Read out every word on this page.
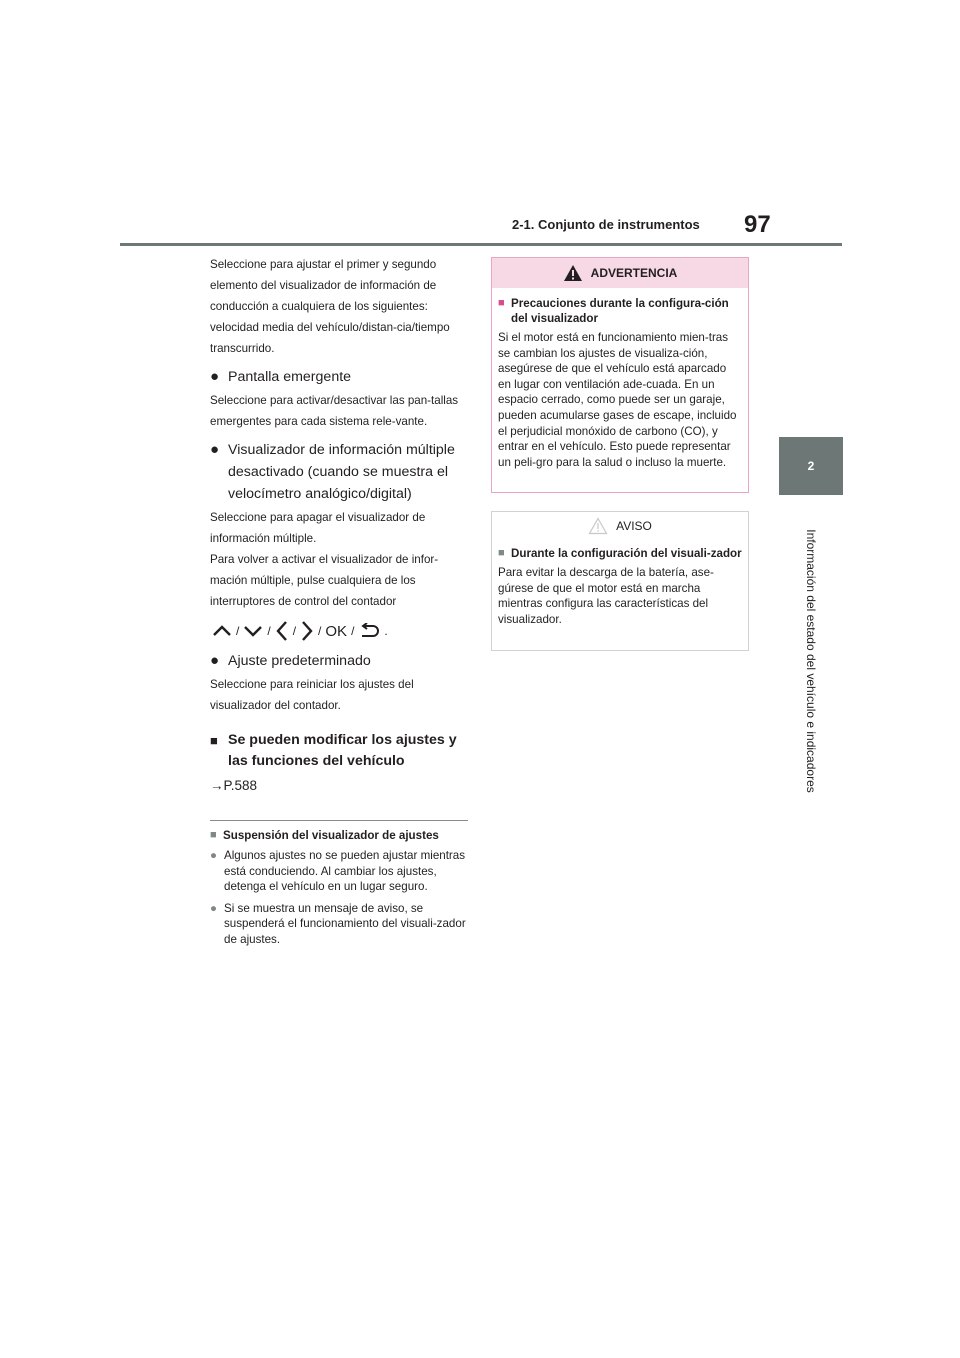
2-1. Conjunto de instrumentos 97
2
Información del estado del vehículo e indicadores

Seleccione para ajustar el primer y segundo elemento del visualizador de información de conducción a cualquiera de los siguientes: velocidad media del vehículo/distan-cia/tiempo transcurrido.

● Pantalla emergente

Seleccione para activar/desactivar las pan-tallas emergentes para cada sistema rele-vante.

● Visualizador de información múltiple desactivado (cuando se muestra el velocímetro analógico/digital)

Seleccione para apagar el visualizador de información múltiple.

Para volver a activar el visualizador de infor-mación múltiple, pulse cualquiera de los interruptores de control del contador

/ / / / OK /	.
● Ajuste predeterminado

Seleccione para reiniciar los ajustes del visualizador del contador.

■ Se pueden modificar los ajustes y las funciones del vehículo

→P.588

■ Suspensión del visualizador de ajustes
● Algunos ajustes no se pueden ajustar mientras está conduciendo. Al cambiar los ajustes, detenga el vehículo en un lugar seguro.
● Si se muestra un mensaje de aviso, se suspenderá el funcionamiento del visuali-zador de ajustes.
ADVERTENCIA
■ Precauciones durante la configura-ción del visualizador

Si el motor está en funcionamiento mien-tras se cambian los ajustes de visualiza-ción, asegúrese de que el vehículo está aparcado en lugar con ventilación ade-cuada. En un espacio cerrado, como puede ser un garaje, pueden acumularse gases de escape, incluido el perjudicial monóxido de carbono (CO), y entrar en el vehículo. Esto puede representar un peli-gro para la salud o incluso la muerte.

AVISO
■ Durante la configuración del visuali-zador

Para evitar la descarga de la batería, ase-gúrese de que el motor está en marcha mientras configura las características del visualizador.
